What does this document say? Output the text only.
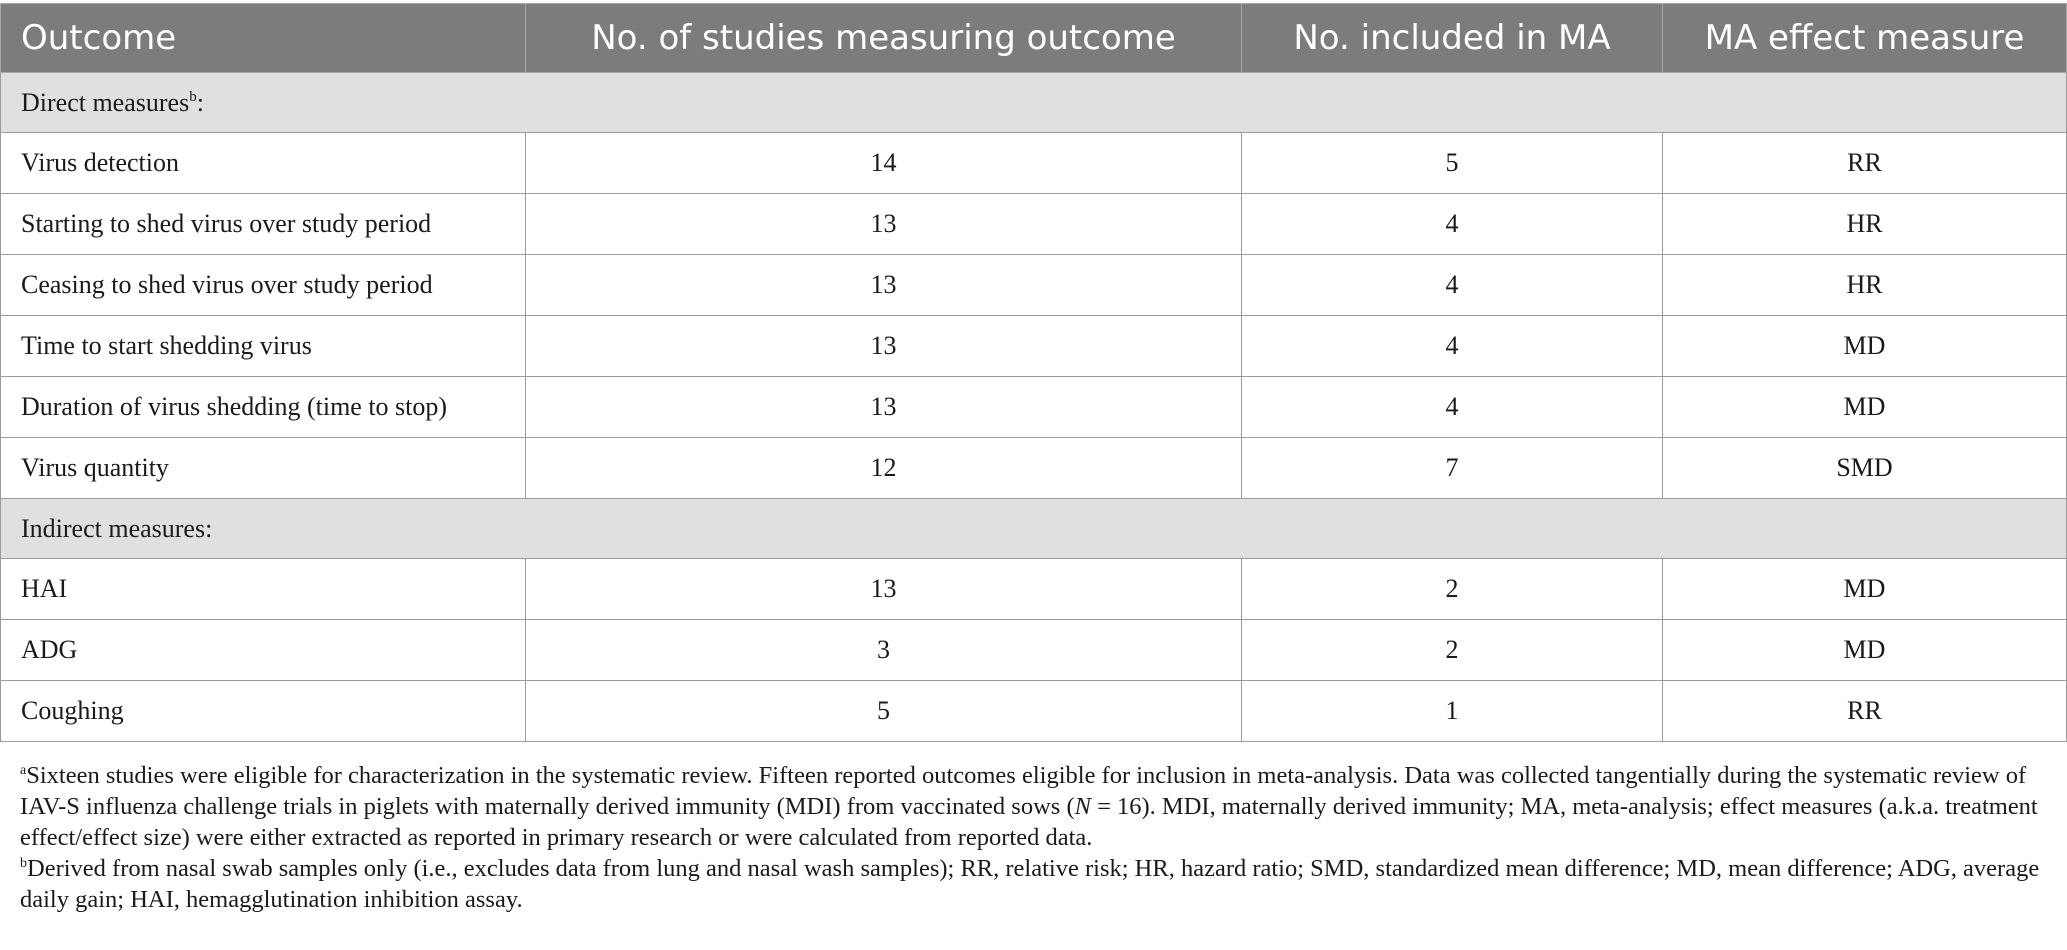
Outcome	No. of studies measuring outcome	No. included in MA	MA effect measure
Direct measures$^b$:			
Virus detection	14	5	RR
Starting to shed virus over study period	13	4	HR
Ceasing to shed virus over study period	13	4	HR
Time to start shedding virus	13	4	MD
Duration of virus shedding (time to stop)	13	4	MD
Virus quantity	12	7	SMD
Indirect measures:			
HAI	13	2	MD
ADG	3	2	MD
Coughing	5	1	RR

$^a$Sixteen studies were eligible for characterization in the systematic review. Fifteen reported outcomes eligible for inclusion in meta-analysis. Data was collected tangentially during the systematic review of IAV-S influenza challenge trials in piglets with maternally derived immunity (MDI) from vaccinated sows (N = 16). MDI, maternally derived immunity; MA, meta-analysis; effect measures (a.k.a. treatment effect/effect size) were either extracted as reported in primary research or were calculated from reported data.

$^b$Derived from nasal swab samples only (i.e., excludes data from lung and nasal wash samples); RR, relative risk; HR, hazard ratio; SMD, standardized mean difference; MD, mean difference; ADG, average daily gain; HAI, hemagglutination inhibition assay.
